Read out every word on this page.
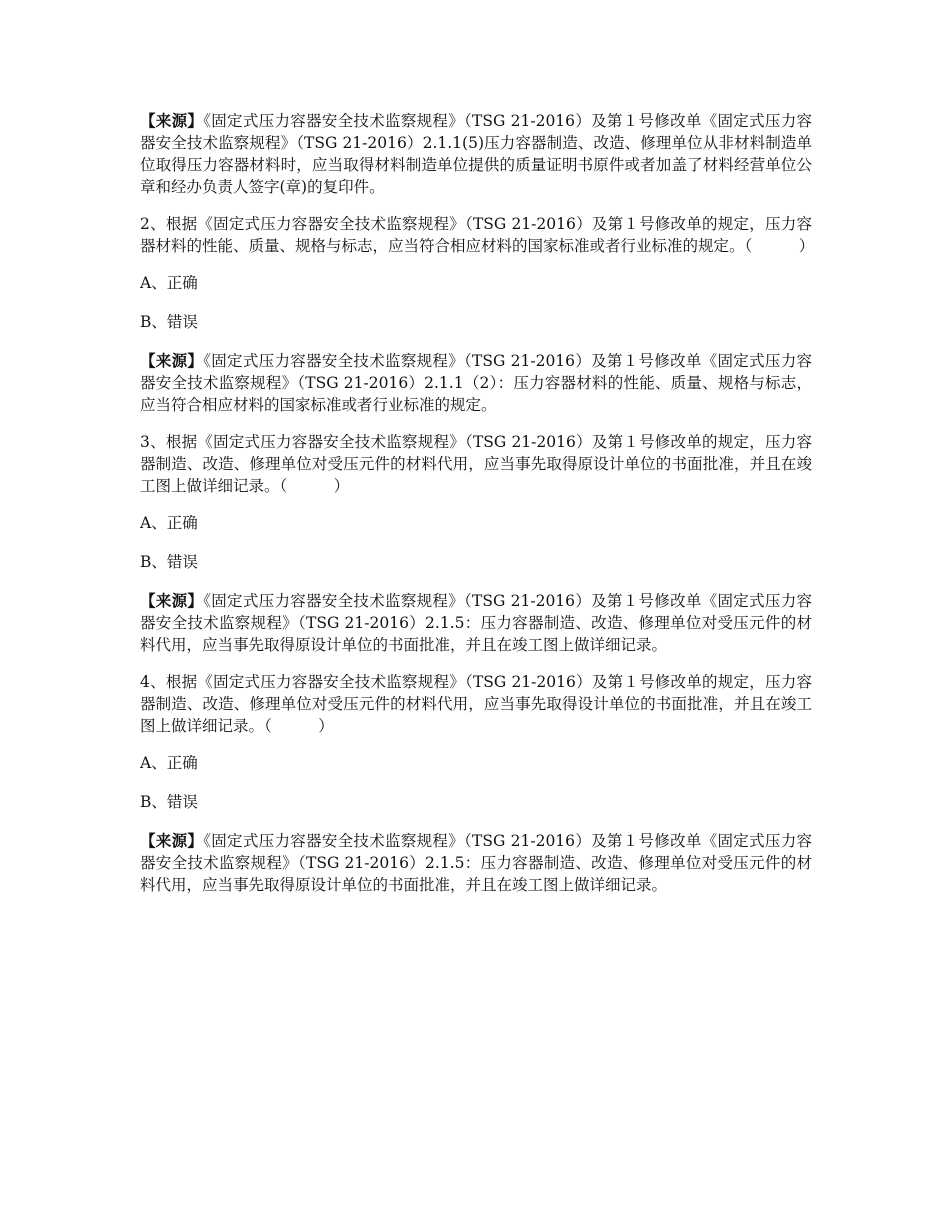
【来源】《固定式压力容器安全技术监察规程》（TSG 21-2016）及第１号修改单《固定式压力容器安全技术监察规程》（TSG 21-2016）2.1.1(5)压力容器制造、改造、修理单位从非材料制造单位取得压力容器材料时，应当取得材料制造单位提供的质量证明书原件或者加盖了材料经营单位公章和经办负责人签字(章)的复印件。

2、根据《固定式压力容器安全技术监察规程》（TSG 21-2016）及第１号修改单的规定，压力容器材料的性能、质量、规格与标志，应当符合相应材料的国家标准或者行业标准的规定。（　　　）

A、正确

B、错误

【来源】《固定式压力容器安全技术监察规程》（TSG 21-2016）及第１号修改单《固定式压力容器安全技术监察规程》（TSG 21-2016）2.1.1（2）：压力容器材料的性能、质量、规格与标志，应当符合相应材料的国家标准或者行业标准的规定。

3、根据《固定式压力容器安全技术监察规程》（TSG 21-2016）及第１号修改单的规定，压力容器制造、改造、修理单位对受压元件的材料代用，应当事先取得原设计单位的书面批准，并且在竣工图上做详细记录。（　　　）

A、正确

B、错误

【来源】《固定式压力容器安全技术监察规程》（TSG 21-2016）及第１号修改单《固定式压力容器安全技术监察规程》（TSG 21-2016）2.1.5：压力容器制造、改造、修理单位对受压元件的材料代用，应当事先取得原设计单位的书面批准，并且在竣工图上做详细记录。

4、根据《固定式压力容器安全技术监察规程》（TSG 21-2016）及第１号修改单的规定，压力容器制造、改造、修理单位对受压元件的材料代用，应当事先取得设计单位的书面批准，并且在竣工图上做详细记录。（　　　）

A、正确

B、错误

【来源】《固定式压力容器安全技术监察规程》（TSG 21-2016）及第１号修改单《固定式压力容器安全技术监察规程》（TSG 21-2016）2.1.5：压力容器制造、改造、修理单位对受压元件的材料代用，应当事先取得原设计单位的书面批准，并且在竣工图上做详细记录。
